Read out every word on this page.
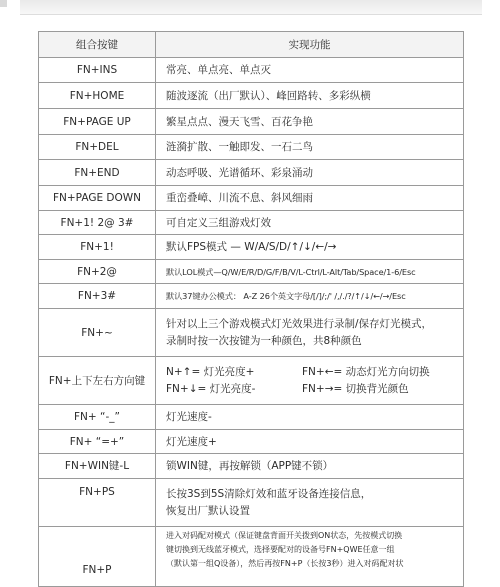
组合按键	实现功能
FN+INS	常亮、单点亮、单点灭
FN+HOME	随波逐流（出厂默认）、峰回路转、多彩纵横
FN+PAGE UP	繁星点点、漫天飞雪、百花争艳
FN+DEL	涟漪扩散、一触即发、一石二鸟
FN+END	动态呼吸、光谱循环、彩泉涌动
FN+PAGE DOWN	重峦叠嶂、川流不息、斜风细雨
FN+1! 2@ 3#	可自定义三组游戏灯效
FN+1!	默认FPS模式 — W/A/S/D/↑/↓/←/→
FN+2@	默认LOL模式—Q/W/E/R/D/G/F/B/V/L-Ctrl/L-Alt/Tab/Space/1-6/Esc
FN+3#	默认37键办公模式： A-Z 26个英文字母/[/]/;/' /,/./?/↑/↓/←/→/Esc
FN+~	针对以上三个游戏模式灯光效果进行录制/保存灯光模式，
录制时按一次按键为一种颜色，共8种颜色

FN+上下左右方向键	N+↑= 灯光亮度+ FN+←= 动态灯光方向切换
FN+↓= 灯光亮度- FN+→= 切换背光颜色

FN+ “-_”	灯光速度-
FN+ “=+”	灯光速度+
FN+WIN键-L	锁WIN键，再按解锁（APP键不锁）
FN+PS	长按3S到5S清除灯效和蓝牙设备连接信息，
恢复出厂默认设置

FN+P	进入对码配对模式（保证键盘背面开关拨到ON状态，先按模式切换
键切换到无线蓝牙模式，选择要配对的设备号FN+QWE任意一组
（默认第一组Q设备），然后再按FN+P（长按3秒）进入对码配对状
